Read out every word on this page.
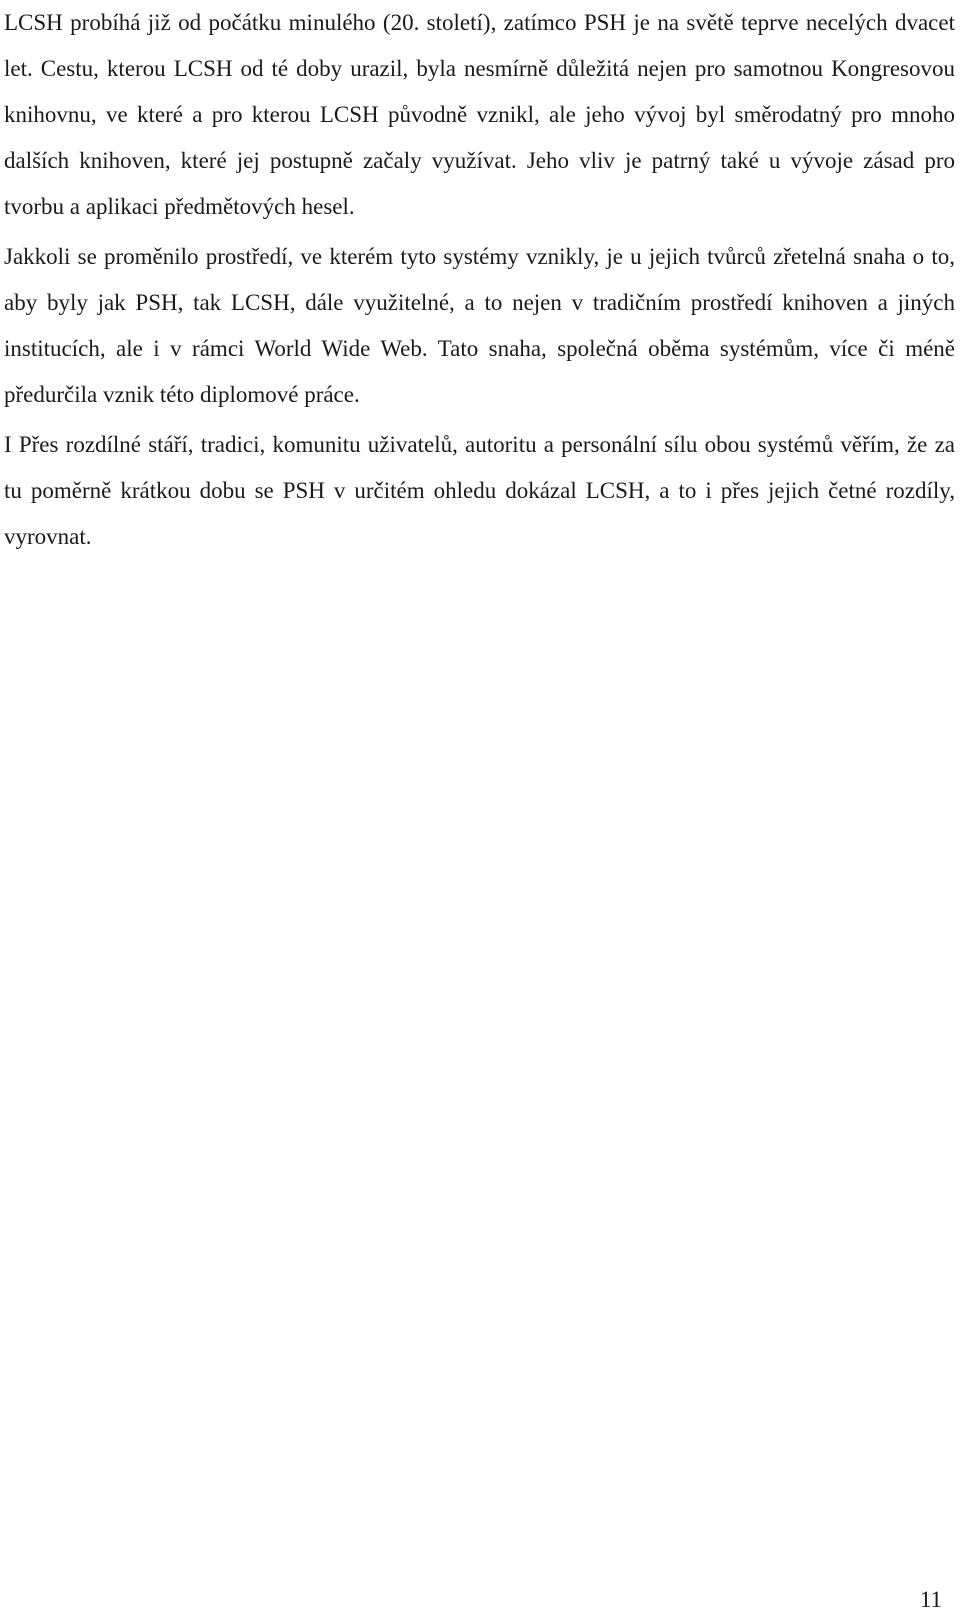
LCSH probíhá již od počátku minulého (20. století), zatímco PSH je na světě teprve necelých dvacet let. Cestu, kterou LCSH od té doby urazil, byla nesmírně důležitá nejen pro samotnou Kongresovou knihovnu, ve které a pro kterou LCSH původně vznikl, ale jeho vývoj byl směrodatný pro mnoho dalších knihoven, které jej postupně začaly využívat. Jeho vliv je patrný také u vývoje zásad pro tvorbu a aplikaci předmětových hesel.

Jakkoli se proměnilo prostředí, ve kterém tyto systémy vznikly, je u jejich tvůrců zřetelná snaha o to, aby byly jak PSH, tak LCSH, dále využitelné, a to nejen v tradičním prostředí knihoven a jiných institucích, ale i v rámci World Wide Web. Tato snaha, společná oběma systémům, více či méně předurčila vznik této diplomové práce.

I Přes rozdílné stáří, tradici, komunitu uživatelů, autoritu a personální sílu obou systémů věřím, že za tu poměrně krátkou dobu se PSH v určitém ohledu dokázal LCSH, a to i přes jejich četné rozdíly, vyrovnat.

11
